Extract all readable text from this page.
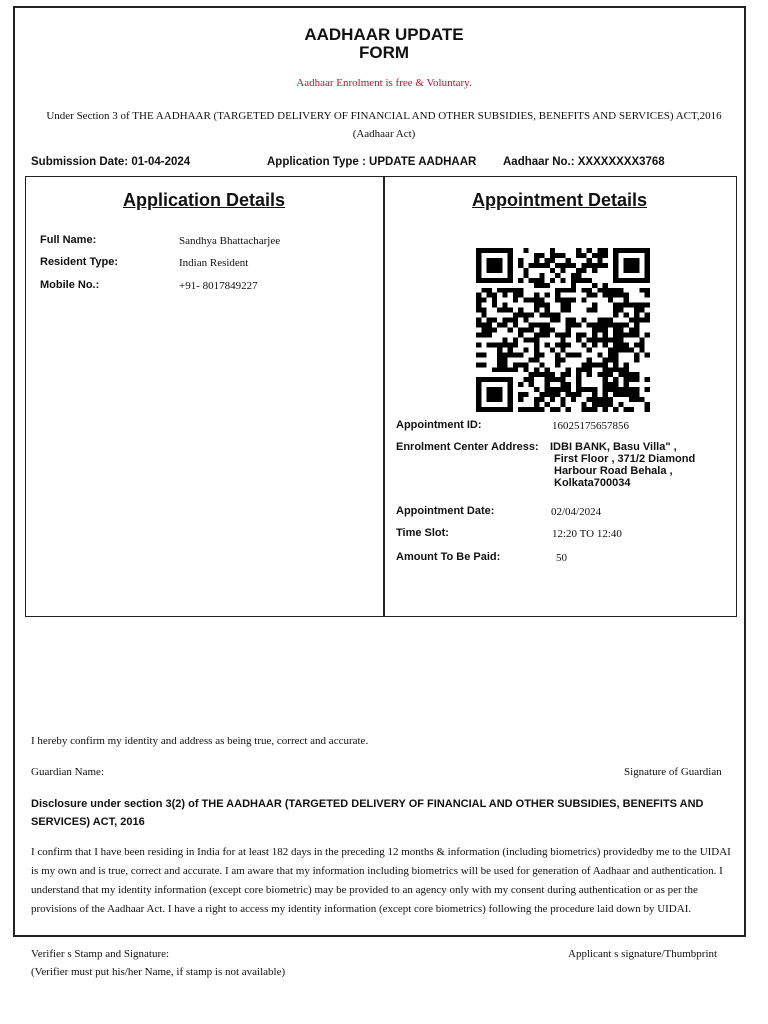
AADHAAR UPDATE
FORM
Aadhaar Enrolment is free & Voluntary.
Under Section 3 of THE AADHAAR (TARGETED DELIVERY OF FINANCIAL AND OTHER SUBSIDIES, BENEFITS AND SERVICES) ACT,2016 (Aadhaar Act)
Submission Date: 01-04-2024	Application Type : UPDATE AADHAAR Aadhaar No.: XXXXXXXX3768
Application Details
Full Name:	Sandhya Bhattacharjee
Resident Type:	Indian Resident
Mobile No.:	+91- 8017849227
Appointment Details
Appointment ID:	16025175657856
Enrolment Center Address: IDBI BANK, Basu Villa" ,
First Floor , 371/2 Diamond
Harbour Road Behala ,
Kolkata700034
Appointment Date:	02/04/2024
Time Slot:	12:20 TO 12:40
Amount To Be Paid:	50
I hereby confirm my identity and address as being true, correct and accurate.
Guardian Name:	Signature of Guardian
Disclosure under section 3(2) of THE AADHAAR (TARGETED DELIVERY OF FINANCIAL AND OTHER SUBSIDIES, BENEFITS AND SERVICES) ACT, 2016
I confirm that I have been residing in India for at least 182 days in the preceding 12 months & information (including biometrics) providedby me to the UIDAI is my own and is true, correct and accurate. I am aware that my information including biometrics will be used for generation of Aadhaar and authentication. I understand that my identity information (except core biometric) may be provided to an agency only with my consent during authentication or as per the provisions of the Aadhaar Act. I have a right to access my identity information (except core biometrics) following the procedure laid down by UIDAI.
Verifier s Stamp and Signature:
(Verifier must put his/her Name, if stamp is not available)
Applicant s signature/Thumbprint
